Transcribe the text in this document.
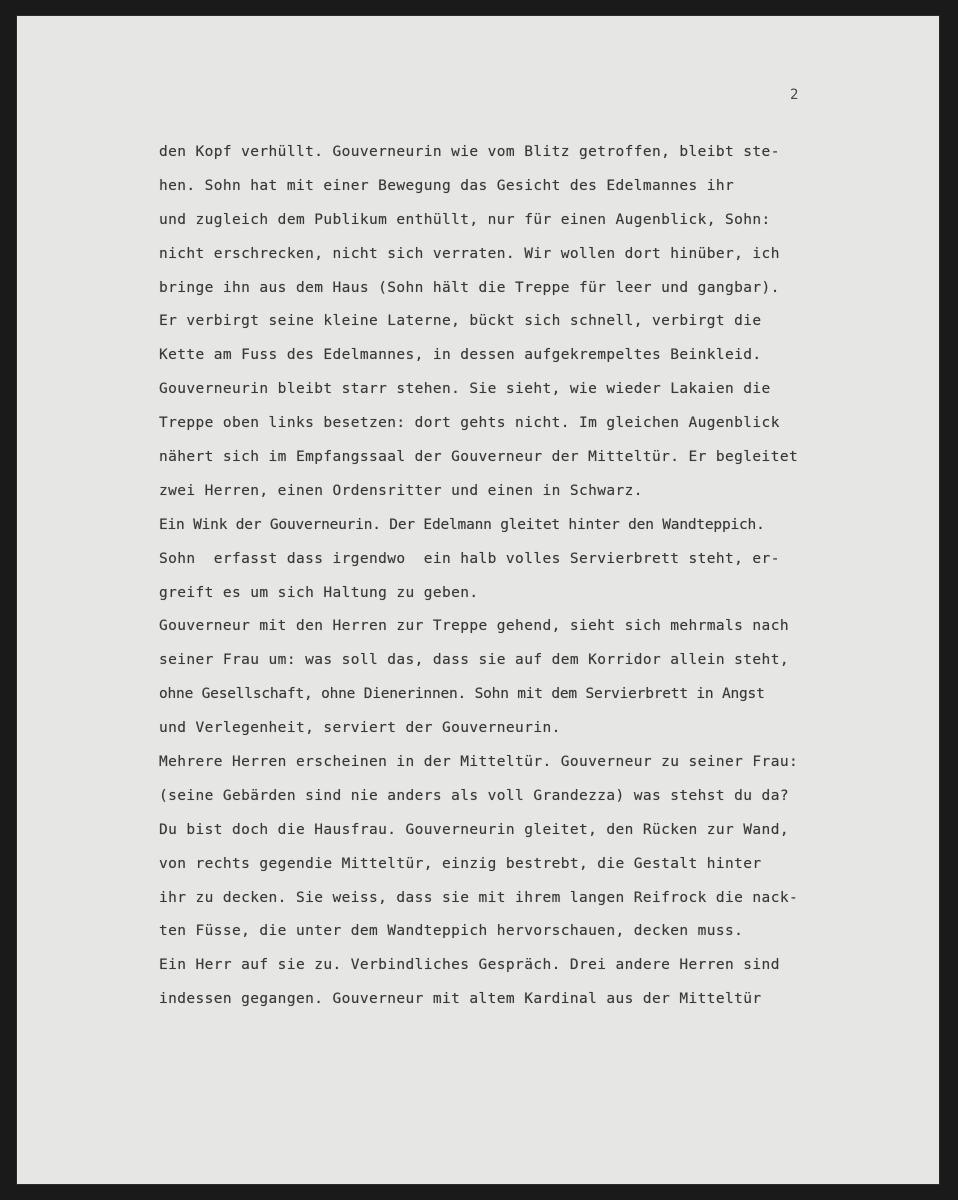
2
den Kopf verhüllt. Gouverneurin wie vom Blitz getroffen, bleibt ste-
hen. Sohn hat mit einer Bewegung das Gesicht des Edelmannes ihr
und zugleich dem Publikum enthüllt, nur für einen Augenblick, Sohn:
nicht erschrecken, nicht sich verraten. Wir wollen dort hinüber, ich
bringe ihn aus dem Haus (Sohn hält die Treppe für leer und gangbar).
Er verbirgt seine kleine Laterne, bückt sich schnell, verbirgt die
Kette am Fuss des Edelmannes, in dessen aufgekrempeltes Beinkleid.
Gouverneurin bleibt starr stehen. Sie sieht, wie wieder Lakaien die
Treppe oben links besetzen: dort gehts nicht. Im gleichen Augenblick
nähert sich im Empfangssaal der Gouverneur der Mitteltür. Er begleitet
zwei Herren, einen Ordensritter und einen in Schwarz.
Ein Wink der Gouverneurin. Der Edelmann gleitet hinter den Wandteppich.
Sohn  erfasst dass irgendwo  ein halb volles Servierbrett steht, er-
greift es um sich Haltung zu geben.
Gouverneur mit den Herren zur Treppe gehend, sieht sich mehrmals nach
seiner Frau um: was soll das, dass sie auf dem Korridor allein steht,
ohne Gesellschaft, ohne Dienerinnen. Sohn mit dem Servierbrett in Angst
und Verlegenheit, serviert der Gouverneurin.
Mehrere Herren erscheinen in der Mitteltür. Gouverneur zu seiner Frau:
(seine Gebärden sind nie anders als voll Grandezza) was stehst du da?
Du bist doch die Hausfrau. Gouverneurin gleitet, den Rücken zur Wand,
von rechts gegendie Mitteltür, einzig bestrebt, die Gestalt hinter
ihr zu decken. Sie weiss, dass sie mit ihrem langen Reifrock die nack-
ten Füsse, die unter dem Wandteppich hervorschauen, decken muss.
Ein Herr auf sie zu. Verbindliches Gespräch. Drei andere Herren sind
indessen gegangen. Gouverneur mit altem Kardinal aus der Mitteltür
